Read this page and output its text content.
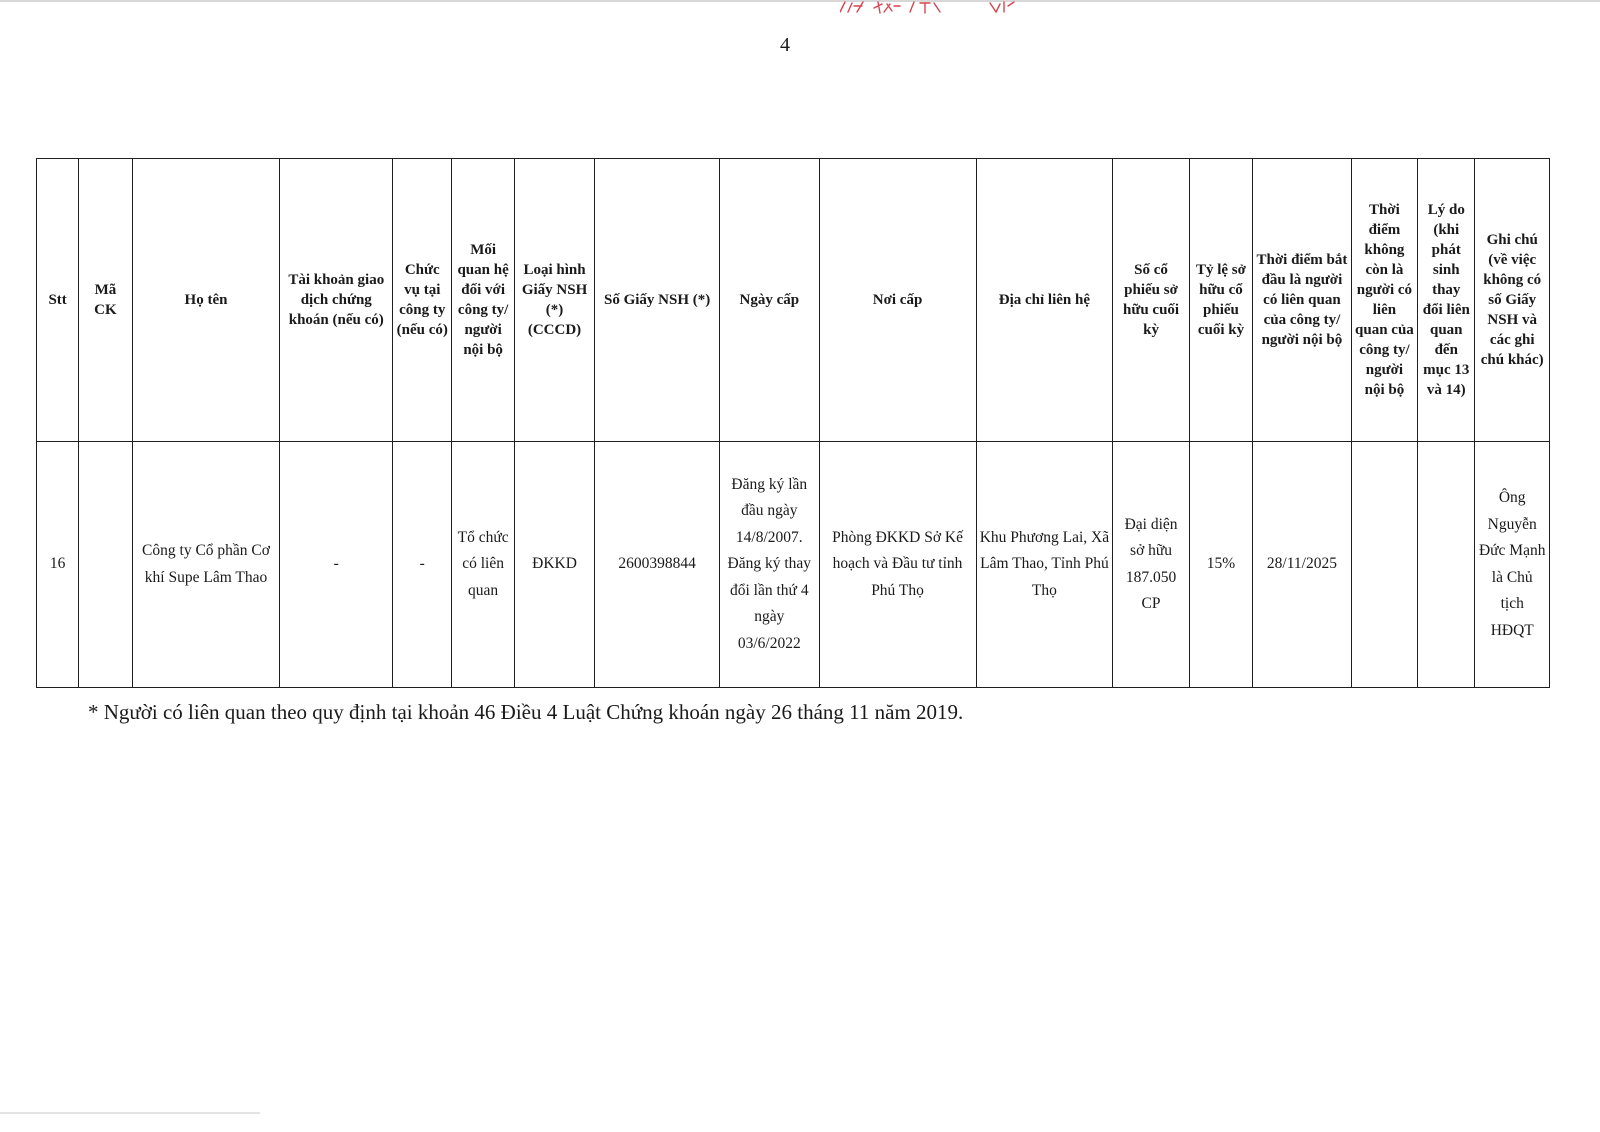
4
Stt	Mã CK	Họ tên	Tài khoản giao dịch chứng khoán (nếu có)	Chức vụ tại công ty (nếu có)	Mối quan hệ đối với công ty/ người nội bộ	Loại hình Giấy NSH (*) (CCCD)	Số Giấy NSH (*)	Ngày cấp	Nơi cấp	Địa chỉ liên hệ	Số cổ phiếu sở hữu cuối kỳ	Tỷ lệ sở hữu cổ phiếu cuối kỳ	Thời điểm bắt đầu là người có liên quan của công ty/ người nội bộ	Thời điểm không còn là người có liên quan của công ty/ người nội bộ	Lý do (khi phát sinh thay đổi liên quan đến mục 13 và 14)	Ghi chú (về việc không có số Giấy NSH và các ghi chú khác)
16		Công ty Cổ phần Cơ khí Supe Lâm Thao	-	-	Tổ chức có liên quan	ĐKKD	2600398844	Đăng ký lần đầu ngày 14/8/2007. Đăng ký thay đổi lần thứ 4 ngày 03/6/2022	Phòng ĐKKD Sở Kế hoạch và Đầu tư tỉnh Phú Thọ	Khu Phương Lai, Xã Lâm Thao, Tỉnh Phú Thọ	Đại diện sở hữu 187.050 CP	15%	28/11/2025			Ông Nguyễn Đức Mạnh là Chủ tịch HĐQT
* Người có liên quan theo quy định tại khoản 46 Điều 4 Luật Chứng khoán ngày 26 tháng 11 năm 2019.
